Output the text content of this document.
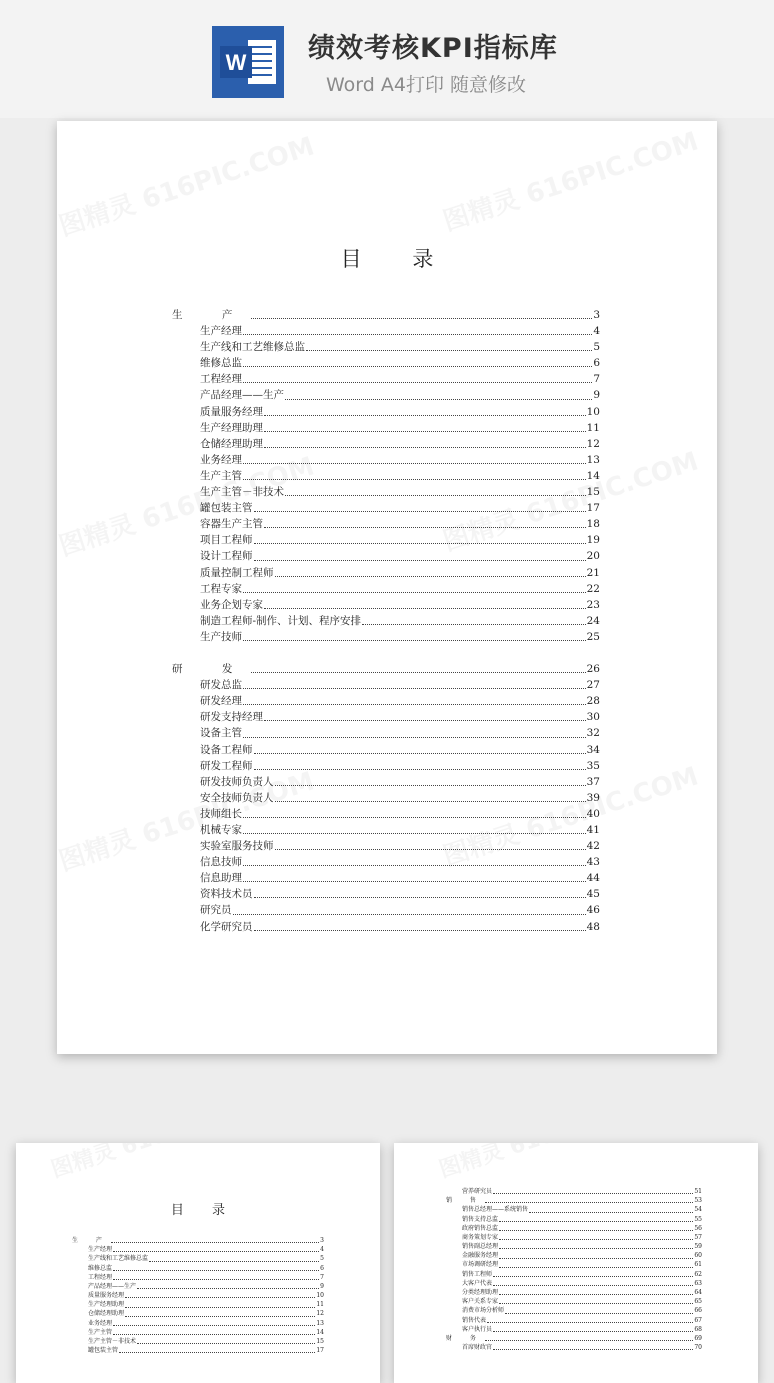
W 绩效考核KPI指标库
Word A4打印 随意修改
目 录
生 产	3
生产经理	4
生产线和工艺维修总监	5
维修总监	6
工程经理	7
产品经理——生产	9
质量服务经理	10
生产经理助理	11
仓储经理助理	12
业务经理	13
生产主管	14
生产主管－非技术	15
罐包装主管	17
容器生产主管	18
项目工程师	19
设计工程师	20
质量控制工程师	21
工程专家	22
业务企划专家	23
制造工程师-制作、计划、程序安排	24
生产技师	25
研 发	26
研发总监	27
研发经理	28
研发支持经理	30
设备主管	32
设备工程师	34
研发工程师	35
研发技师负责人	37
安全技师负责人	39
技师组长	40
机械专家	41
实验室服务技师	42
信息技师	43
信息助理	44
资料技术员	45
研究员	46
化学研究员	48
目 录
生 产	3
生产经理	4
生产线和工艺维修总监	5
维修总监	6
工程经理	7
产品经理——生产	9
质量服务经理	10
生产经理助理	11
仓储经理助理	12
业务经理	13
生产主管	14
生产主管－非技术	15
罐包装主管	17
营养研究员	51
销 售	53
销售总经理——系统销售	54
销售支持总监	55
政府销售总监	56
商务策划专家	57
销售副总经理	59
金融服务经理	60
市场调研经理	61
销售工程师	62
大客户代表	63
分类经理助理	64
客户关系专家	65
消费市场分析师	66
销售代表	67
客户执行员	68
财 务	69
首席财政官	70
